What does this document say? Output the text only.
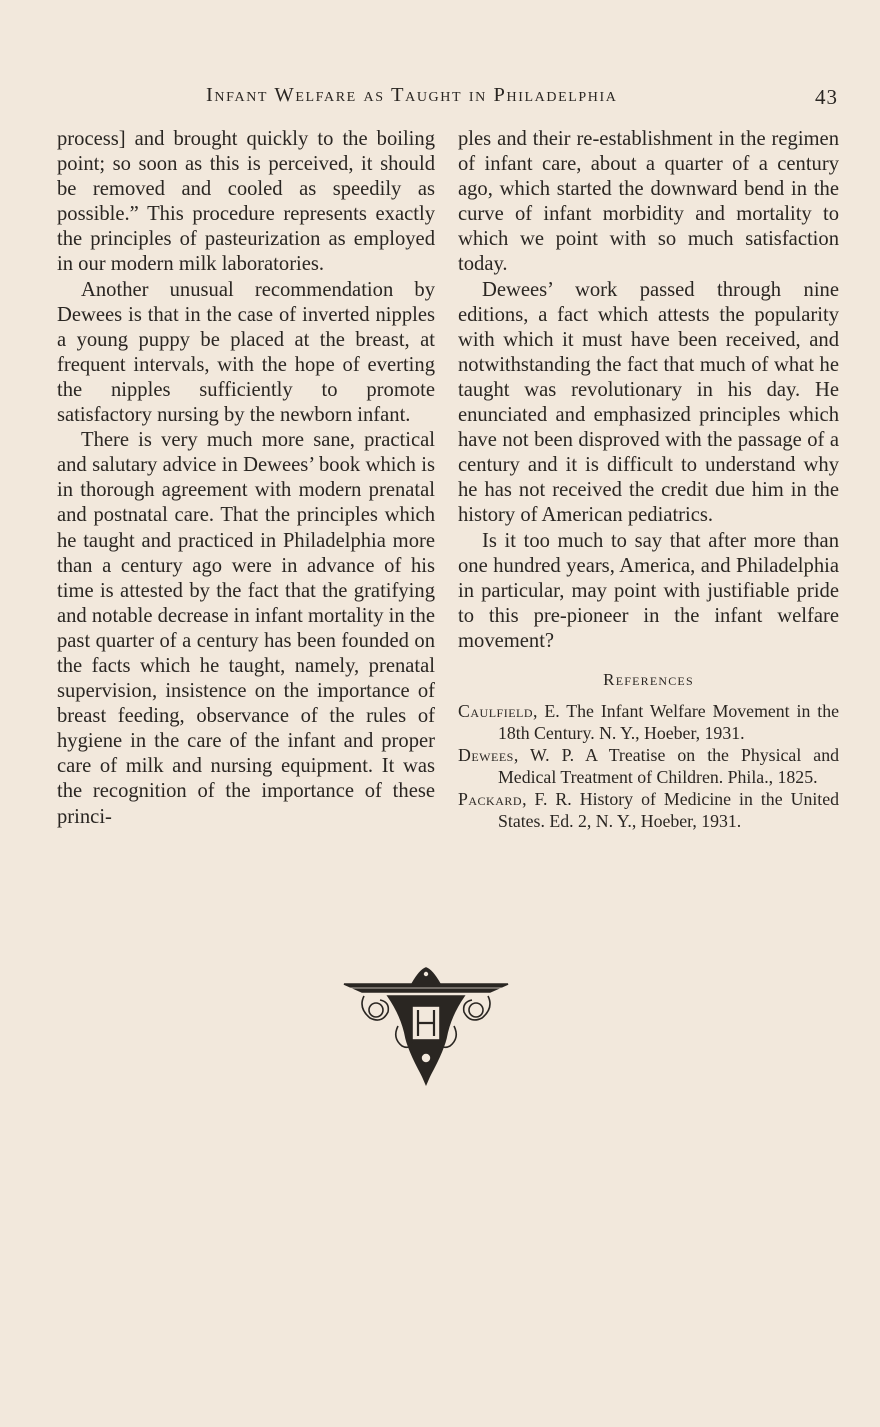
Infant Welfare as Taught in Philadelphia	43

process] and brought quickly to the boiling point; so soon as this is perceived, it should be removed and cooled as speedily as possible.” This procedure represents exactly the principles of pasteurization as employed in our modern milk laboratories.

Another unusual recommendation by Dewees is that in the case of inverted nipples a young puppy be placed at the breast, at frequent intervals, with the hope of everting the nipples sufficiently to promote satisfactory nursing by the newborn infant.

There is very much more sane, practical and salutary advice in Dewees’ book which is in thorough agreement with modern prenatal and postnatal care. That the principles which he taught and practiced in Philadelphia more than a century ago were in advance of his time is attested by the fact that the gratifying and notable decrease in infant mortality in the past quarter of a century has been founded on the facts which he taught, namely, prenatal supervision, insistence on the importance of breast feeding, observance of the rules of hygiene in the care of the infant and proper care of milk and nursing equipment. It was the recognition of the importance of these princi-

ples and their re-establishment in the regimen of infant care, about a quarter of a century ago, which started the downward bend in the curve of infant morbidity and mortality to which we point with so much satisfaction today.

Dewees’ work passed through nine editions, a fact which attests the popularity with which it must have been received, and notwithstanding the fact that much of what he taught was revolutionary in his day. He enunciated and emphasized principles which have not been disproved with the passage of a century and it is difficult to understand why he has not received the credit due him in the history of American pediatrics.

Is it too much to say that after more than one hundred years, America, and Philadelphia in particular, may point with justifiable pride to this pre-pioneer in the infant welfare movement?

References

Caulfield, E. The Infant Welfare Movement in the 18th Century. N. Y., Hoeber, 1931.

Dewees, W. P. A Treatise on the Physical and Medical Treatment of Children. Phila., 1825.

Packard, F. R. History of Medicine in the United States. Ed. 2, N. Y., Hoeber, 1931.
